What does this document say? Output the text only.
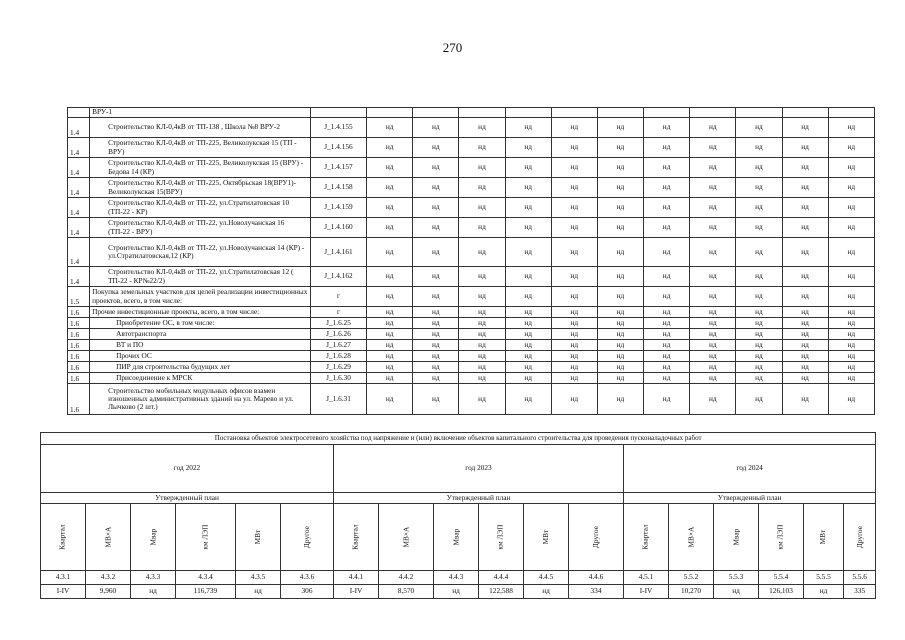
270
	ВРУ-1												
1.4	Строительство КЛ-0,4кВ от ТП-138 , Школа №8 ВРУ-2	J_1.4.155	нд	нд	нд	нд	нд	нд	нд	нд	нд	нд	нд
1.4	Строительство КЛ-0,4кВ от ТП-225, Великолукская 15 (ТП - ВРУ)	J_1.4.156	нд	нд	нд	нд	нд	нд	нд	нд	нд	нд	нд
1.4	Строительство КЛ-0,4кВ от ТП-225, Великолукская 15 (ВРУ) - Бедова 14 (КР)	J_1.4.157	нд	нд	нд	нд	нд	нд	нд	нд	нд	нд	нд
1.4	Строительство КЛ-0,4кВ от ТП-225, Октябрьская 18(ВРУ1)- Великолукская 15(ВРУ)	J_1.4.158	нд	нд	нд	нд	нд	нд	нд	нд	нд	нд	нд
1.4	Строительство КЛ-0,4кВ от ТП-22, ул.Стратилатовская 10 (ТП-22 - КР)	J_1.4.159	нд	нд	нд	нд	нд	нд	нд	нд	нд	нд	нд
1.4	Строительство КЛ-0,4кВ от ТП-22, ул.Новолучанская 16 (ТП-22 - ВРУ)	J_1.4.160	нд	нд	нд	нд	нд	нд	нд	нд	нд	нд	нд
1.4	Строительство КЛ-0,4кВ от ТП-22, ул.Новолучанская 14 (КР) - ул.Стратилатовская,12 (КР)	J_1.4.161	нд	нд	нд	нд	нд	нд	нд	нд	нд	нд	нд
1.4	Строительство КЛ-0,4кВ от ТП-22, ул.Стратилатовская 12 ( ТП-22 - КР№22/2)	J_1.4.162	нд	нд	нд	нд	нд	нд	нд	нд	нд	нд	нд
1.5	Покупка земельных участков для целей реализации инвестиционных проектов, всего, в том числе:	г	нд	нд	нд	нд	нд	нд	нд	нд	нд	нд	нд
1.6	Прочие инвестиционные проекты, всего, в том числе:	г	нд	нд	нд	нд	нд	нд	нд	нд	нд	нд	нд
1.6	Приобретение ОС, в том числе:	J_1.6.25	нд	нд	нд	нд	нд	нд	нд	нд	нд	нд	нд
1.6	Автотранспорта	J_1.6.26	нд	нд	нд	нд	нд	нд	нд	нд	нд	нд	нд
1.6	ВТ и ПО	J_1.6.27	нд	нд	нд	нд	нд	нд	нд	нд	нд	нд	нд
1.6	Прочих ОС	J_1.6.28	нд	нд	нд	нд	нд	нд	нд	нд	нд	нд	нд
1.6	ПИР для строительства будущих лет	J_1.6.29	нд	нд	нд	нд	нд	нд	нд	нд	нд	нд	нд
1.6	Присоединение к МРСК	J_1.6.30	нд	нд	нд	нд	нд	нд	нд	нд	нд	нд	нд
1.6	Строительство мобильных модульных офисов взамен изношенных административных зданий на ул. Марево и ул. Лычково (2 шт.)	J_1.6.31	нд	нд	нд	нд	нд	нд	нд	нд	нд	нд	нд
Постановка объектов электросетевого хозяйства под напряжение и (или) включение объектов капитального строительства для проведения пусконаладочных работ																	
год 2022						год 2023						год 2024					
Утвержденный план						Утвержденный план						Утвержденный план					
Квартал	МВ×А	Мвар	км ЛЭП	МВт	Другое	Квартал	МВ×А	Мвар	км ЛЭП	МВт	Другое	Квартал	МВ×А	Мвар	км ЛЭП	МВт	Другое
4.3.1	4.3.2	4.3.3	4.3.4	4.3.5	4.3.6	4.4.1	4.4.2	4.4.3	4.4.4	4.4.5	4.4.6	4.5.1	5.5.2	5.5.3	5.5.4	5.5.5	5.5.6
I-IV	9,960	нд	116,739	нд	306	I-IV	8,570	нд	122,588	нд	334	I-IV	10,270	нд	126,103	нд	335
